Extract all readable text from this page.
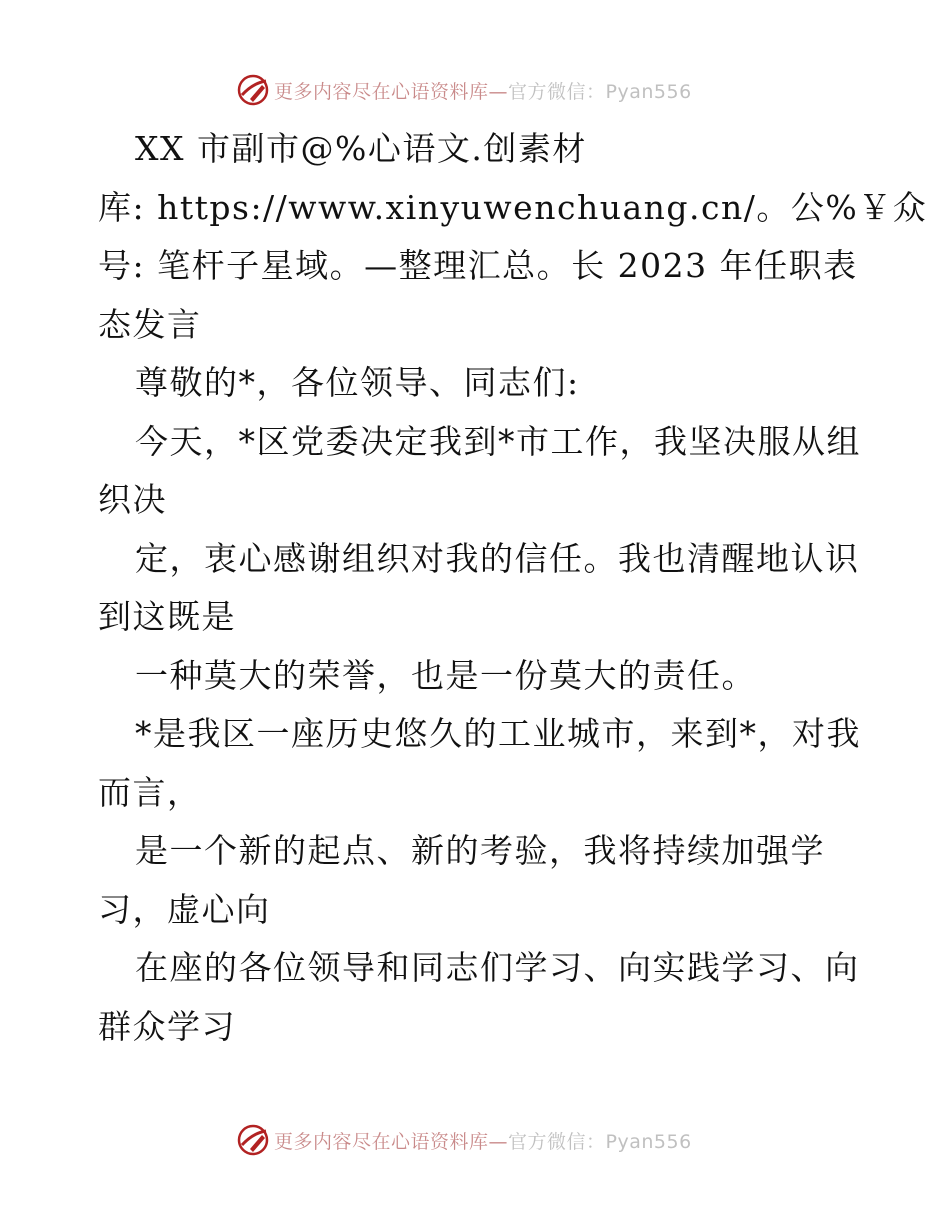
更多内容尽在心语资料库—官方微信：Pyan556
XX 市副市@%心语文.创素材
库: https://www.xinyuwenchuang.cn/。公%￥众
号: 笔杆子星域。—整理汇总。长 2023 年任职表
态发言
尊敬的*，各位领导、同志们:
今天，*区党委决定我到*市工作，我坚决服从组
织决
定，衷心感谢组织对我的信任。我也清醒地认识
到这既是
一种莫大的荣誉，也是一份莫大的责任。
*是我区一座历史悠久的工业城市，来到*，对我
而言，
是一个新的起点、新的考验，我将持续加强学
习，虚心向
在座的各位领导和同志们学习、向实践学习、向
群众学习
更多内容尽在心语资料库—官方微信：Pyan556
